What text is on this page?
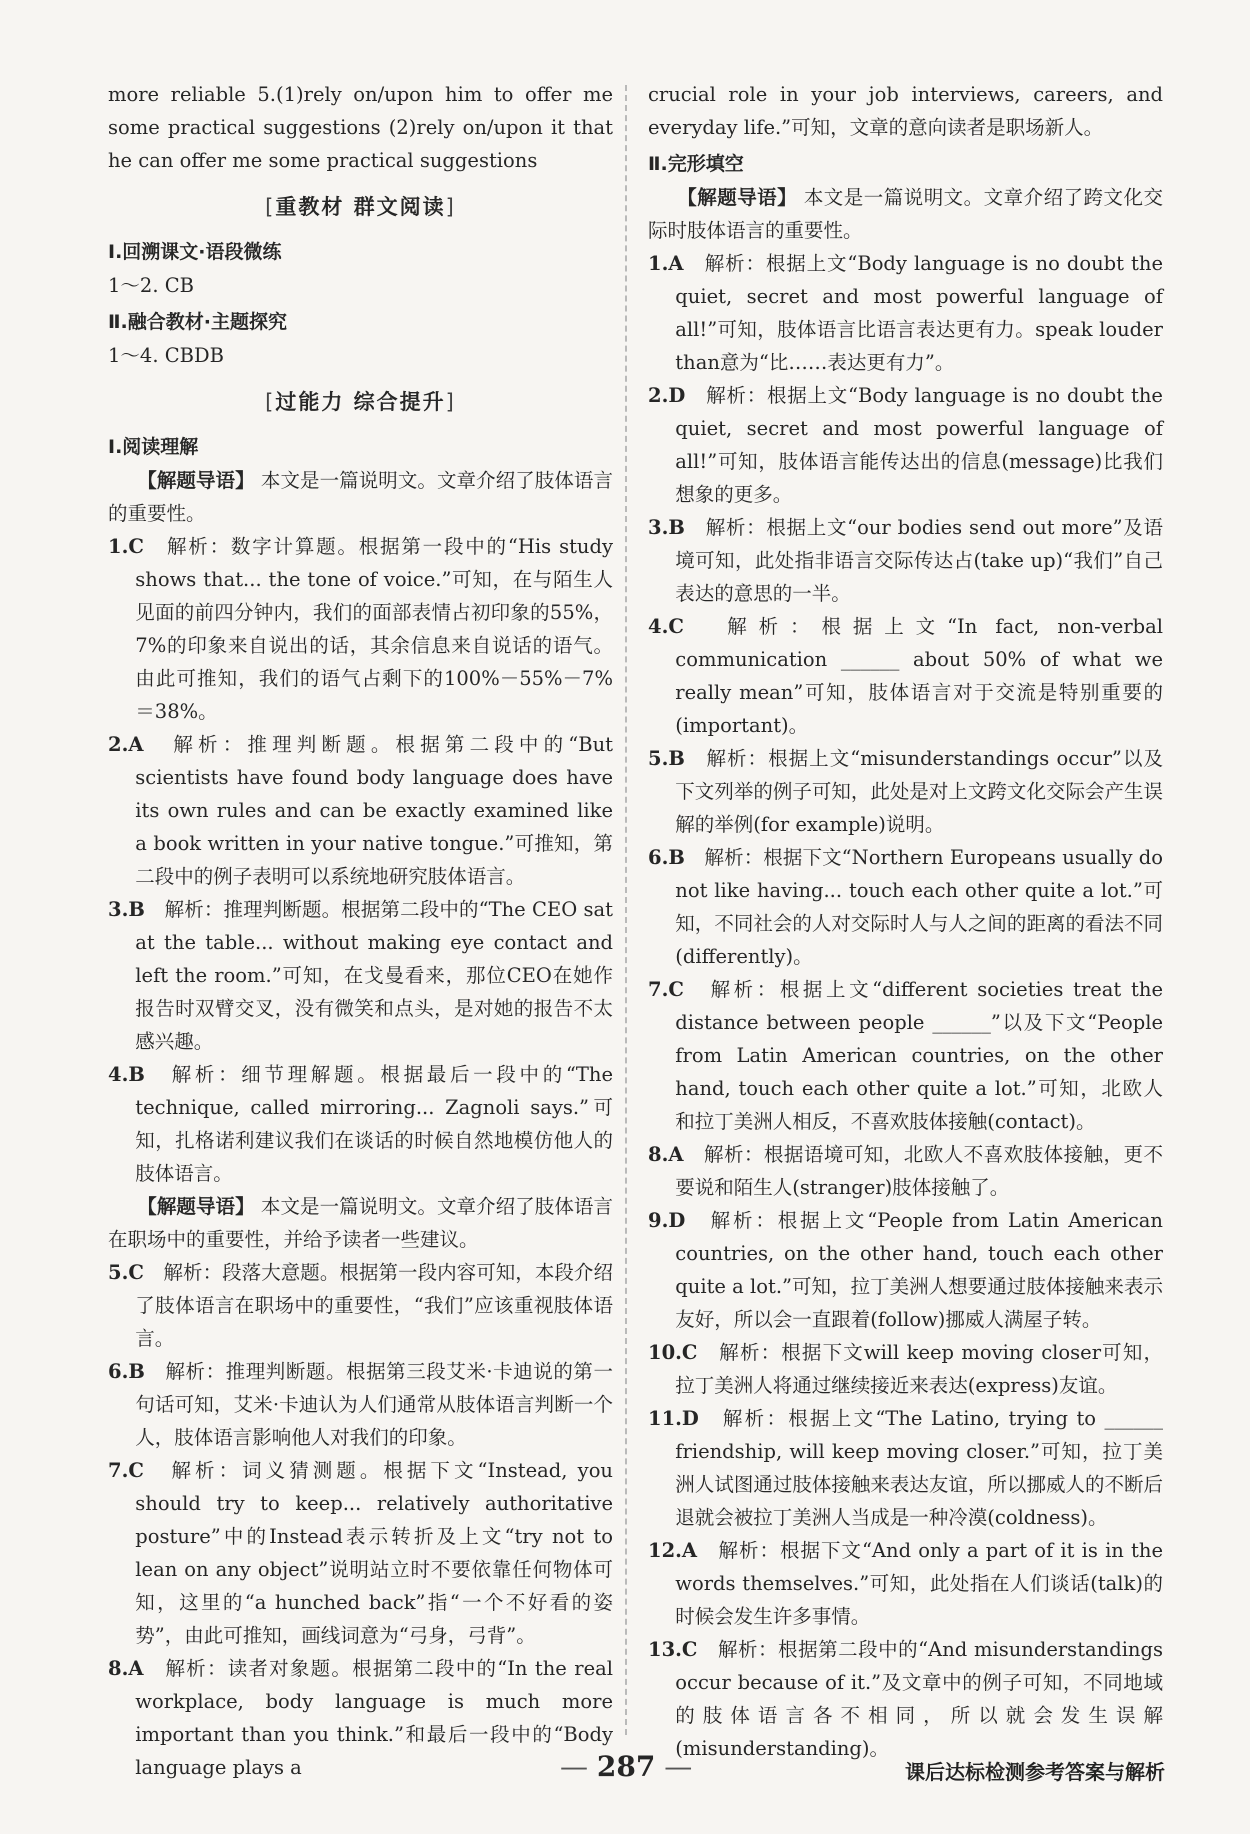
more reliable 5.(1)rely on/upon him to offer me some practical suggestions (2)rely on/upon it that he can offer me some practical suggestions

[重教材 群文阅读]
Ⅰ.回溯课文·语段微练
1～2. CB
Ⅱ.融合教材·主题探究
1～4. CBDB
[过能力 综合提升]
Ⅰ.阅读理解
【解题导语】 本文是一篇说明文。文章介绍了肢体语言的重要性。
1.C　 解析：数字计算题。根据第一段中的“His study shows that... the tone of voice.”可知，在与陌生人见面的前四分钟内，我们的面部表情占初印象的55%，7%的印象来自说出的话，其余信息来自说话的语气。由此可推知，我们的语气占剩下的100%－55%－7%＝38%。
2.A　 解析：推理判断题。根据第二段中的“But scientists have found body language does have its own rules and can be exactly examined like a book written in your native tongue.”可推知，第二段中的例子表明可以系统地研究肢体语言。
3.B　 解析：推理判断题。根据第二段中的“The CEO sat at the table... without making eye contact and left the room.”可知，在戈曼看来，那位CEO在她作报告时双臂交叉，没有微笑和点头，是对她的报告不太感兴趣。
4.B　 解析：细节理解题。根据最后一段中的“The technique, called mirroring... Zagnoli says.”可知，扎格诺利建议我们在谈话的时候自然地模仿他人的肢体语言。
【解题导语】 本文是一篇说明文。文章介绍了肢体语言在职场中的重要性，并给予读者一些建议。
5.C　 解析：段落大意题。根据第一段内容可知，本段介绍了肢体语言在职场中的重要性，“我们”应该重视肢体语言。
6.B　 解析：推理判断题。根据第三段艾米·卡迪说的第一句话可知，艾米·卡迪认为人们通常从肢体语言判断一个人，肢体语言影响他人对我们的印象。
7.C　 解析：词义猜测题。根据下文“Instead, you should try to keep... relatively authoritative posture”中的Instead表示转折及上文“try not to lean on any object”说明站立时不要依靠任何物体可知，这里的“a hunched back”指“一个不好看的姿势”，由此可推知，画线词意为“弓身，弓背”。
8.A　 解析：读者对象题。根据第二段中的“In the real workplace, body language is much more important than you think.”和最后一段中的“Body language plays a

crucial role in your job interviews, careers, and everyday life.”可知，文章的意向读者是职场新人。

Ⅱ.完形填空
【解题导语】 本文是一篇说明文。文章介绍了跨文化交际时肢体语言的重要性。
1.A　 解析：根据上文“Body language is no doubt the quiet, secret and most powerful language of all!”可知，肢体语言比语言表达更有力。speak louder than意为“比……表达更有力”。
2.D　 解析：根据上文“Body language is no doubt the quiet, secret and most powerful language of all!”可知，肢体语言能传达出的信息(message)比我们想象的更多。
3.B　 解析：根据上文“our bodies send out more”及语境可知，此处指非语言交际传达占(take up)“我们”自己表达的意思的一半。
4.C　 解析：根据上文“In fact, non-verbal communication ______ about 50% of what we really mean”可知，肢体语言对于交流是特别重要的(important)。
5.B　 解析：根据上文“misunderstandings occur”以及下文列举的例子可知，此处是对上文跨文化交际会产生误解的举例(for example)说明。
6.B　 解析：根据下文“Northern Europeans usually do not like having... touch each other quite a lot.”可知，不同社会的人对交际时人与人之间的距离的看法不同(differently)。
7.C　 解析：根据上文“different societies treat the distance between people ______”以及下文“People from Latin American countries, on the other hand, touch each other quite a lot.”可知，北欧人和拉丁美洲人相反，不喜欢肢体接触(contact)。
8.A　 解析：根据语境可知，北欧人不喜欢肢体接触，更不要说和陌生人(stranger)肢体接触了。
9.D　 解析：根据上文“People from Latin American countries, on the other hand, touch each other quite a lot.”可知，拉丁美洲人想要通过肢体接触来表示友好，所以会一直跟着(follow)挪威人满屋子转。
10.C　 解析：根据下文will keep moving closer可知，拉丁美洲人将通过继续接近来表达(express)友谊。
11.D　 解析：根据上文“The Latino, trying to ______ friendship, will keep moving closer.”可知，拉丁美洲人试图通过肢体接触来表达友谊，所以挪威人的不断后退就会被拉丁美洲人当成是一种冷漠(coldness)。
12.A　 解析：根据下文“And only a part of it is in the words themselves.”可知，此处指在人们谈话(talk)的时候会发生许多事情。
13.C　 解析：根据第二段中的“And misunderstandings occur because of it.”及文章中的例子可知，不同地域的肢体语言各不相同，所以就会发生误解(misunderstanding)。
— 287 —	课后达标检测参考答案与解析
